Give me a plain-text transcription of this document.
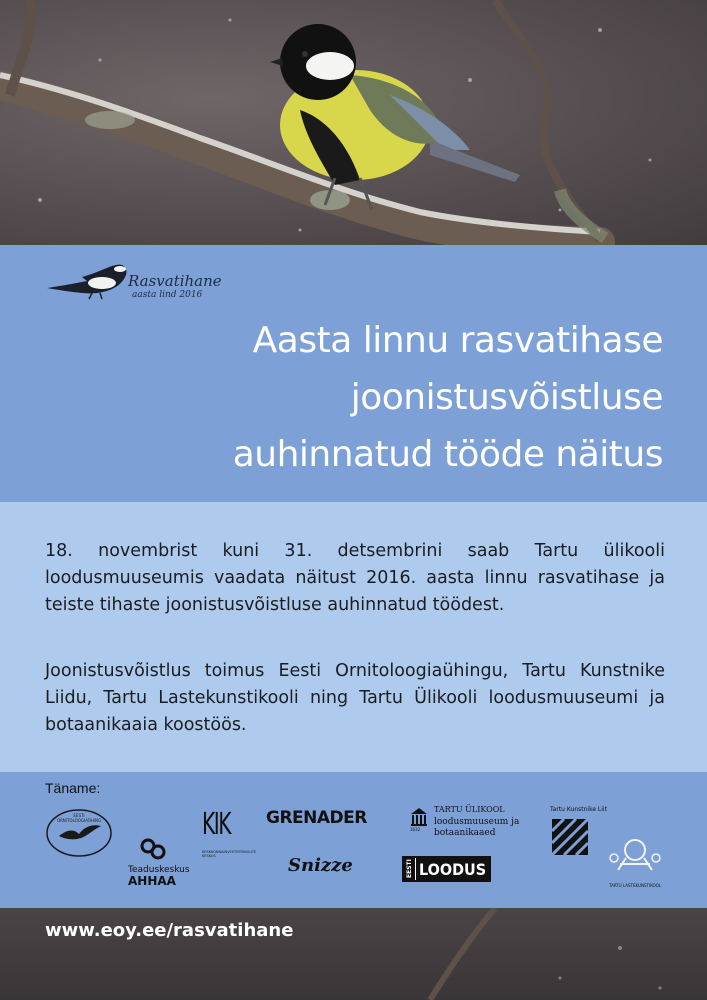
Rasvatihane
aasta lind 2016
Aasta linnu rasvatihase
joonistusvõistluse
auhinnatud tööde näitus

18. novembrist kuni 31. detsembrini saab Tartu ülikooli loodusmuuseumis vaadata näitust 2016. aasta linnu rasvatihase ja teiste tihaste joonistusvõistluse auhinnatud töödest.

Joonistusvõistlus toimus Eesti Ornitoloogiaühingu, Tartu Kunstnike Liidu, Tartu Lastekunstikooli ning Tartu Ülikooli loodusmuuseumi ja botaanikaaia koostöös.

Täname:
EESTI ORNITOLOOGIAÜHING
Teaduskeskus
AHHAA
KIK
KESKKONNAINVESTEERINGUTE KESKUS
GRENADER
Snizze
1632
TARTU ÜLIKOOL
loodusmuuseum ja
botaanikaaed
EESTI LOODUS
Tartu Kunstnike Liit
TARTU LASTEKUNSTIKOOL
www.eoy.ee/rasvatihane
